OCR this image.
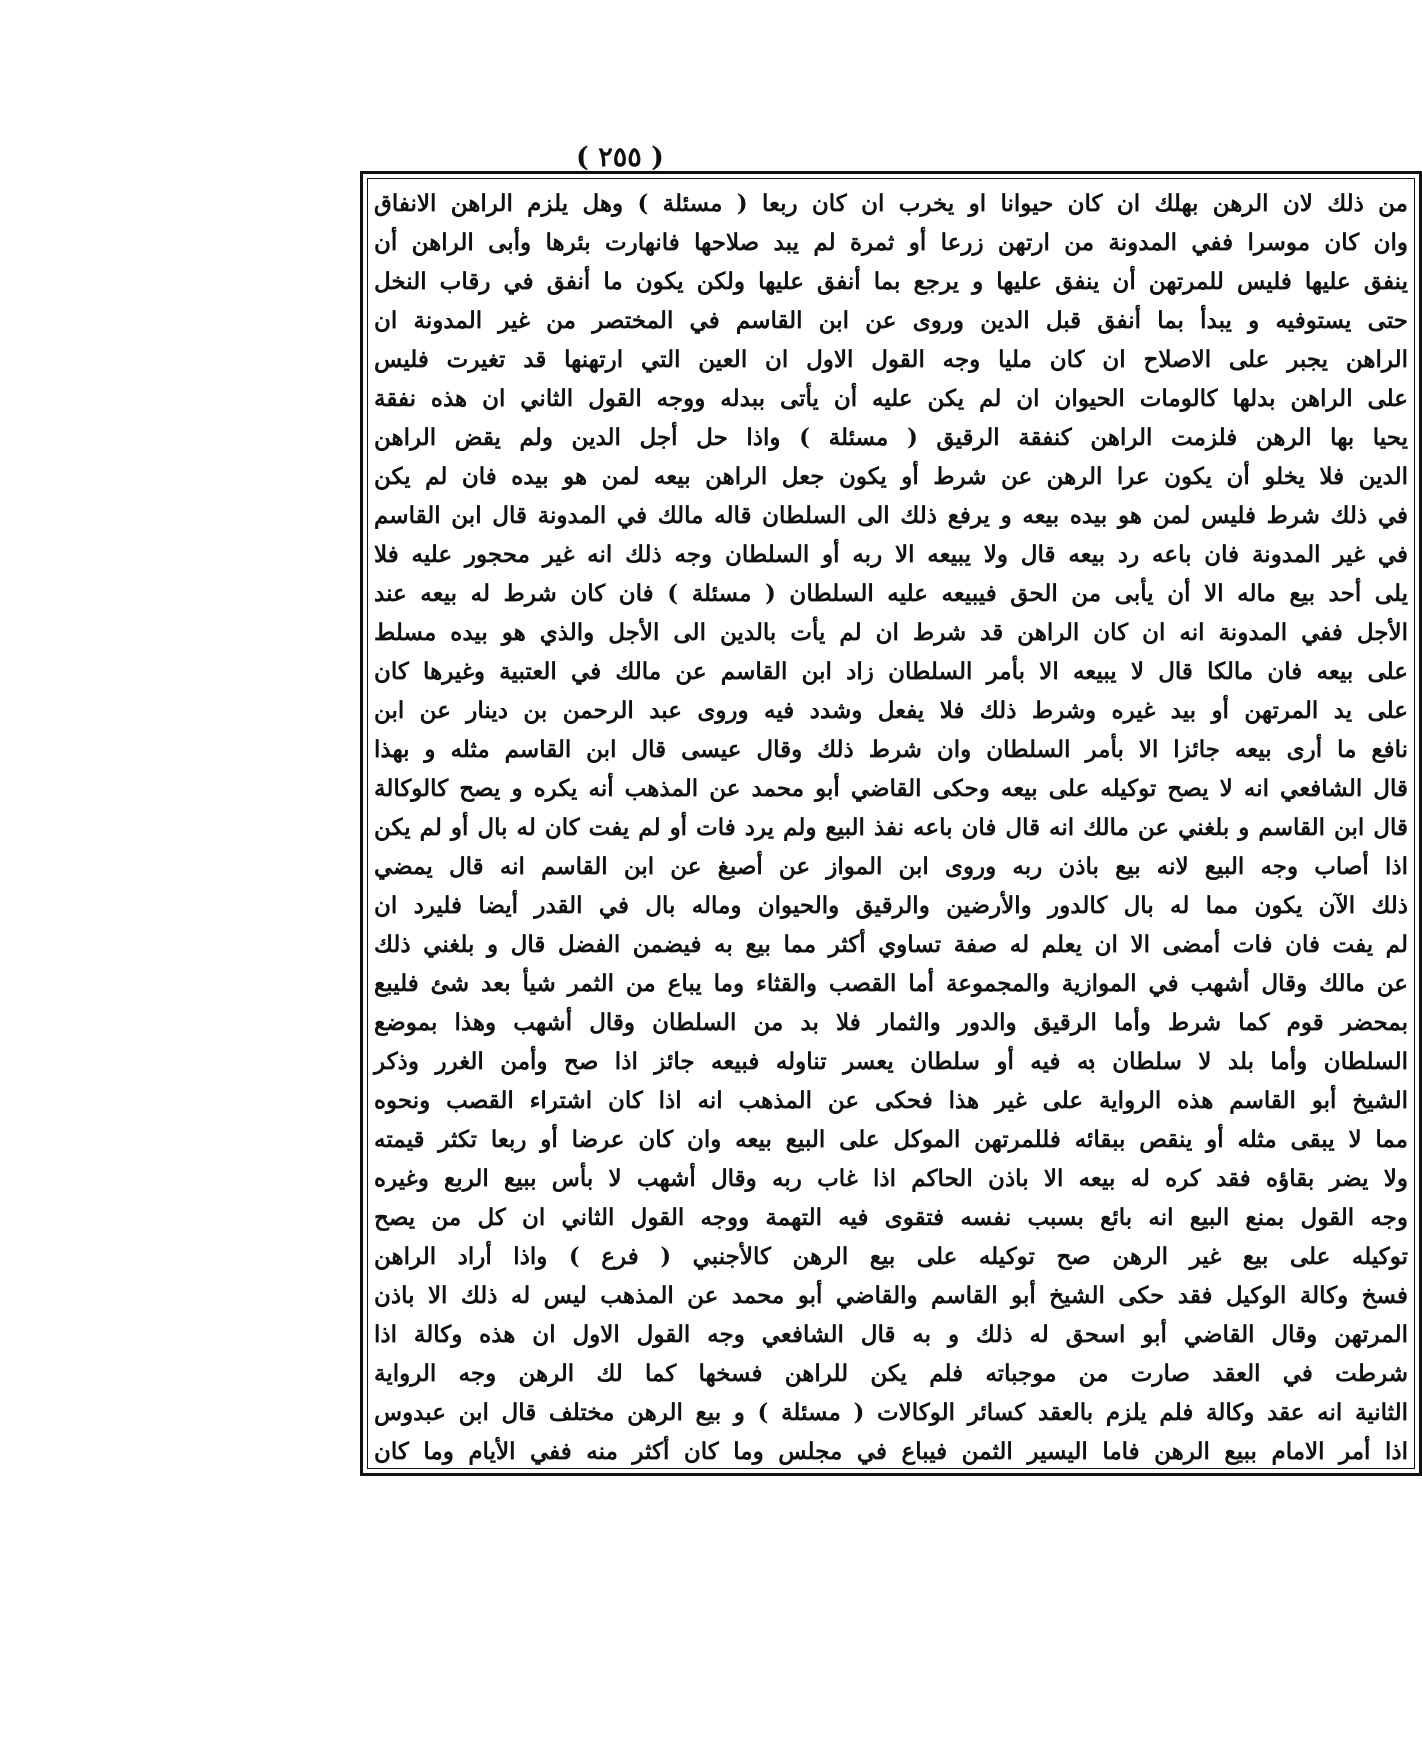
( ٢٥٥ )
من ذلك لان الرهن بهلك ان كان حيوانا او يخرب ان كان ربعا ( مسئلة ) وهل يلزم الراهن الانفاق
وان كان موسرا ففي المدونة من ارتهن زرعا أو ثمرة لم يبد صلاحها فانهارت بئرها وأبى الراهن أن
ينفق عليها فليس للمرتهن أن ينفق عليها و يرجع بما أنفق عليها ولكن يكون ما أنفق في رقاب النخل
حتى يستوفيه و يبدأ بما أنفق قبل الدين وروى عن ابن القاسم في المختصر من غير المدونة ان
الراهن يجبر على الاصلاح ان كان مليا وجه القول الاول ان العين التي ارتهنها قد تغيرت فليس
على الراهن بدلها كالومات الحيوان ان لم يكن عليه أن يأتى ببدله ووجه القول الثاني ان هذه نفقة
يحيا بها الرهن فلزمت الراهن كنفقة الرقيق ( مسئلة ) واذا حل أجل الدين ولم يقض الراهن
الدين فلا يخلو أن يكون عرا الرهن عن شرط أو يكون جعل الراهن بيعه لمن هو بيده فان لم يكن
في ذلك شرط فليس لمن هو بيده بيعه و يرفع ذلك الى السلطان قاله مالك في المدونة قال ابن القاسم
في غير المدونة فان باعه رد بيعه قال ولا يبيعه الا ربه أو السلطان وجه ذلك انه غير محجور عليه فلا
يلى أحد بيع ماله الا أن يأبى من الحق فيبيعه عليه السلطان ( مسئلة ) فان كان شرط له بيعه عند
الأجل ففي المدونة انه ان كان الراهن قد شرط ان لم يأت بالدين الى الأجل والذي هو بيده مسلط
على بيعه فان مالكا قال لا يبيعه الا بأمر السلطان زاد ابن القاسم عن مالك في العتبية وغيرها كان
على يد المرتهن أو بيد غيره وشرط ذلك فلا يفعل وشدد فيه وروى عبد الرحمن بن دينار عن ابن
نافع ما أرى بيعه جائزا الا بأمر السلطان وان شرط ذلك وقال عيسى قال ابن القاسم مثله و بهذا
قال الشافعي انه لا يصح توكيله على بيعه وحكى القاضي أبو محمد عن المذهب أنه يكره و يصح كالوكالة
قال ابن القاسم و بلغني عن مالك انه قال فان باعه نفذ البيع ولم يرد فات أو لم يفت كان له بال أو لم يكن
اذا أصاب وجه البيع لانه بيع باذن ربه وروى ابن المواز عن أصبغ عن ابن القاسم انه قال يمضي
ذلك الآن يكون مما له بال كالدور والأرضين والرقيق والحيوان وماله بال في القدر أيضا فليرد ان
لم يفت فان فات أمضى الا ان يعلم له صفة تساوي أكثر مما بيع به فيضمن الفضل قال و بلغني ذلك
عن مالك وقال أشهب في الموازية والمجموعة أما القصب والقثاء وما يباع من الثمر شيأ بعد شئ فليبع
بمحضر قوم كما شرط وأما الرقيق والدور والثمار فلا بد من السلطان وقال أشهب وهذا بموضع
السلطان وأما بلد لا سلطان به فيه أو سلطان يعسر تناوله فبيعه جائز اذا صح وأمن الغرر وذكر
الشيخ أبو القاسم هذه الرواية على غير هذا فحكى عن المذهب انه اذا كان اشتراء القصب ونحوه
مما لا يبقى مثله أو ينقص ببقائه فللمرتهن الموكل على البيع بيعه وان كان عرضا أو ربعا تكثر قيمته
ولا يضر بقاؤه فقد كره له بيعه الا باذن الحاكم اذا غاب ربه وقال أشهب لا بأس ببيع الربع وغيره
وجه القول بمنع البيع انه بائع بسبب نفسه فتقوى فيه التهمة ووجه القول الثاني ان كل من يصح
توكيله على بيع غير الرهن صح توكيله على بيع الرهن كالأجنبي ( فرع ) واذا أراد الراهن
فسخ وكالة الوكيل فقد حكى الشيخ أبو القاسم والقاضي أبو محمد عن المذهب ليس له ذلك الا باذن
المرتهن وقال القاضي أبو اسحق له ذلك و به قال الشافعي وجه القول الاول ان هذه وكالة اذا
شرطت في العقد صارت من موجباته فلم يكن للراهن فسخها كما لك الرهن وجه الرواية
الثانية انه عقد وكالة فلم يلزم بالعقد كسائر الوكالات ( مسئلة ) و بيع الرهن مختلف قال ابن عبدوس
اذا أمر الامام ببيع الرهن فاما اليسير الثمن فيباع في مجلس وما كان أكثر منه ففي الأيام وما كان
